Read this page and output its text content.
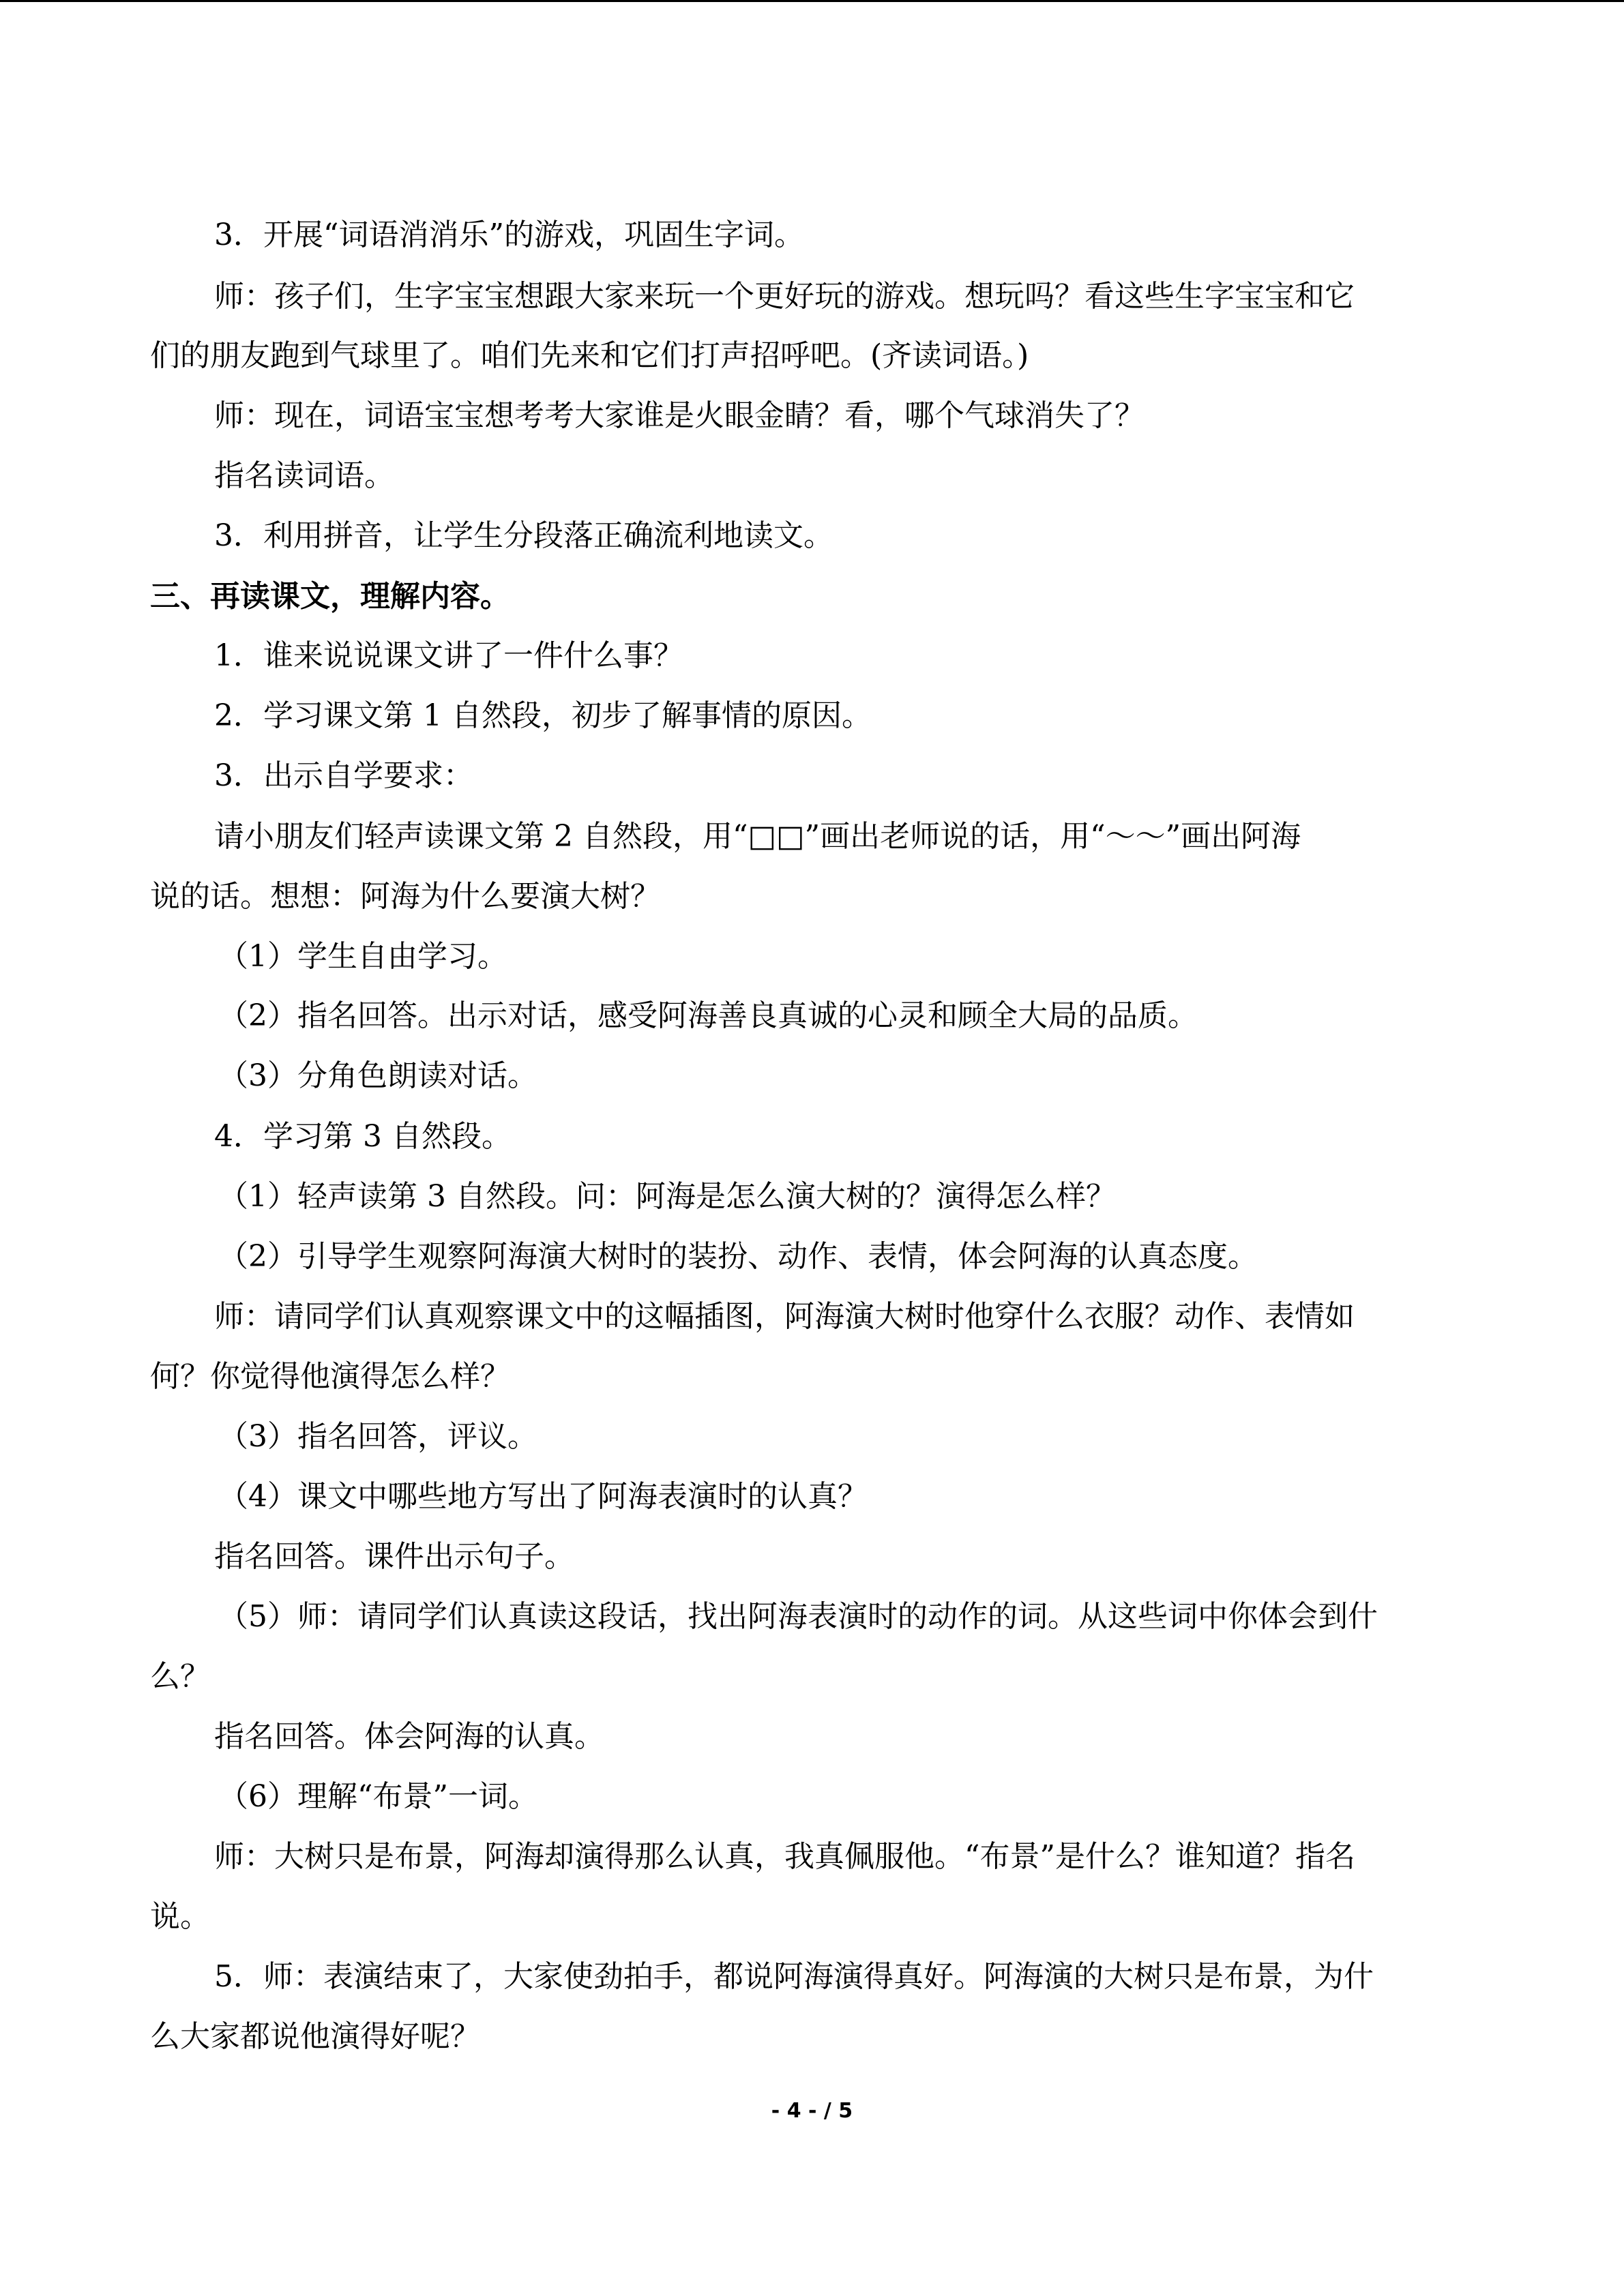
3．开展“词语消消乐”的游戏，巩固生字词。
师：孩子们，生字宝宝想跟大家来玩一个更好玩的游戏。想玩吗？看这些生字宝宝和它
们的朋友跑到气球里了。咱们先来和它们打声招呼吧。(齐读词语。)
师：现在，词语宝宝想考考大家谁是火眼金睛？看，哪个气球消失了？
指名读词语。
3．利用拼音，让学生分段落正确流利地读文。
三、再读课文，理解内容。
1．谁来说说课文讲了一件什么事？
2．学习课文第 1 自然段，初步了解事情的原因。
3．出示自学要求：
请小朋友们轻声读课文第 2 自然段，用“□□”画出老师说的话，用“～～”画出阿海
说的话。想想：阿海为什么要演大树？
（1）学生自由学习。
（2）指名回答。出示对话，感受阿海善良真诚的心灵和顾全大局的品质。
（3）分角色朗读对话。
4．学习第 3 自然段。
（1）轻声读第 3 自然段。问：阿海是怎么演大树的？演得怎么样？
（2）引导学生观察阿海演大树时的装扮、动作、表情，体会阿海的认真态度。
师：请同学们认真观察课文中的这幅插图，阿海演大树时他穿什么衣服？动作、表情如
何？你觉得他演得怎么样？
（3）指名回答，评议。
（4）课文中哪些地方写出了阿海表演时的认真？
指名回答。课件出示句子。
（5）师：请同学们认真读这段话，找出阿海表演时的动作的词。从这些词中你体会到什
么？
指名回答。体会阿海的认真。
（6）理解“布景”一词。
师：大树只是布景，阿海却演得那么认真，我真佩服他。“布景”是什么？谁知道？指名
说。
5．师：表演结束了，大家使劲拍手，都说阿海演得真好。阿海演的大树只是布景，为什
么大家都说他演得好呢？
- 4 - / 5
